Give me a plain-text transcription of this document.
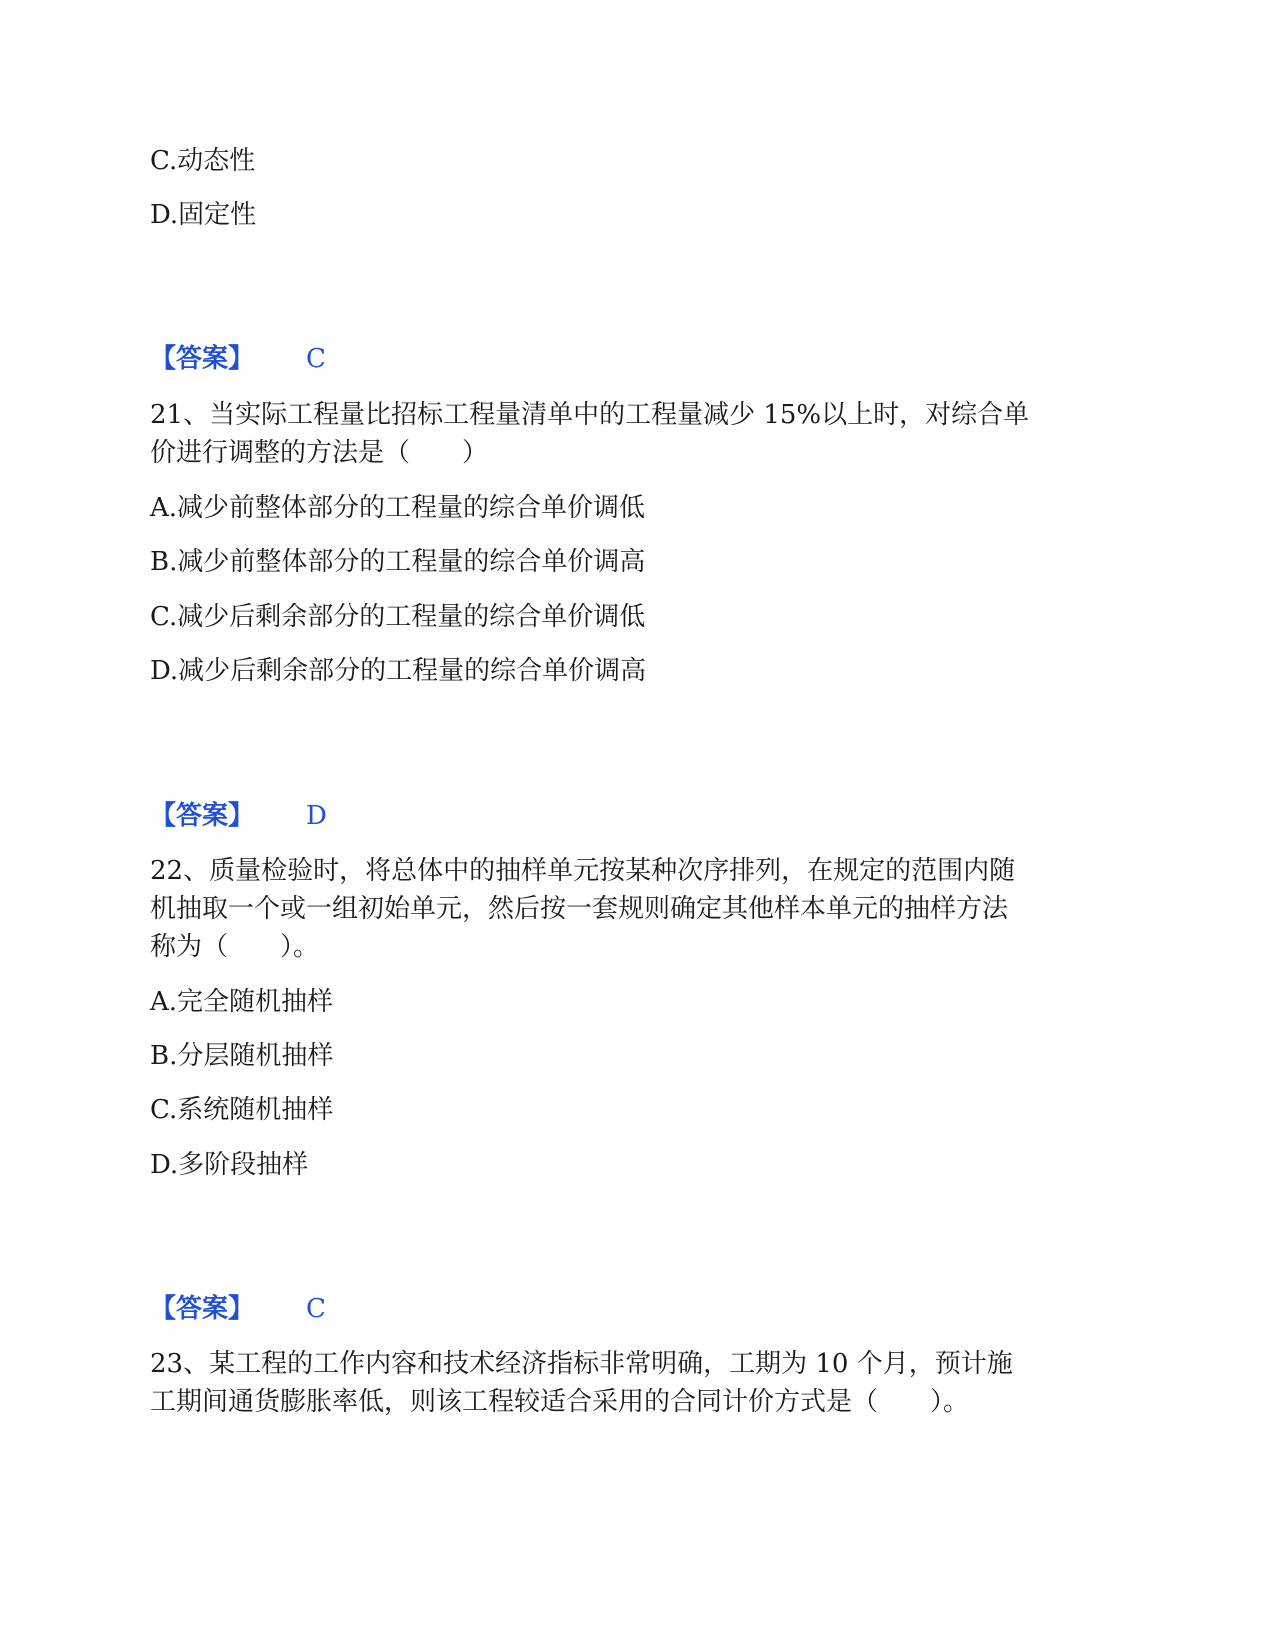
C.动态性
D.固定性
【答案】 C
21、当实际工程量比招标工程量清单中的工程量减少 15%以上时，对综合单
价进行调整的方法是（　　）
A.减少前整体部分的工程量的综合单价调低
B.减少前整体部分的工程量的综合单价调高
C.减少后剩余部分的工程量的综合单价调低
D.减少后剩余部分的工程量的综合单价调高
【答案】 D
22、质量检验时，将总体中的抽样单元按某种次序排列，在规定的范围内随
机抽取一个或一组初始单元，然后按一套规则确定其他样本单元的抽样方法
称为（　　）。
A.完全随机抽样
B.分层随机抽样
C.系统随机抽样
D.多阶段抽样
【答案】 C
23、某工程的工作内容和技术经济指标非常明确，工期为 10 个月，预计施
工期间通货膨胀率低，则该工程较适合采用的合同计价方式是（　　）。
